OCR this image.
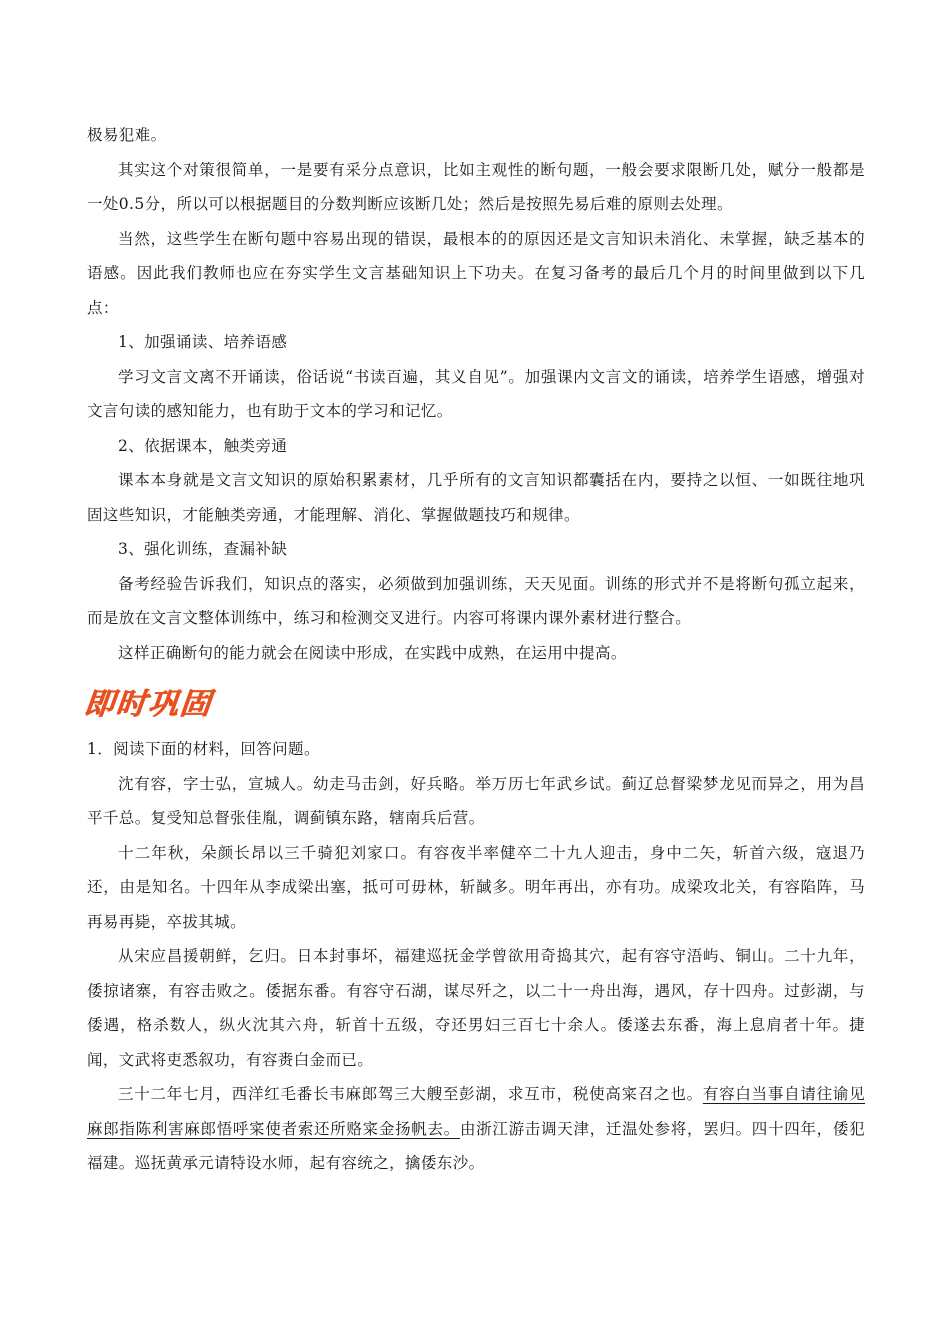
极易犯难。

其实这个对策很简单，一是要有采分点意识，比如主观性的断句题，一般会要求限断几处，赋分一般都是一处0.5分，所以可以根据题目的分数判断应该断几处；然后是按照先易后难的原则去处理。

当然，这些学生在断句题中容易出现的错误，最根本的的原因还是文言知识未消化、未掌握，缺乏基本的语感。因此我们教师也应在夯实学生文言基础知识上下功夫。在复习备考的最后几个月的时间里做到以下几点：

1、加强诵读、培养语感

学习文言文离不开诵读，俗话说“书读百遍，其义自见”。加强课内文言文的诵读，培养学生语感，增强对文言句读的感知能力，也有助于文本的学习和记忆。

2、依据课本，触类旁通

课本本身就是文言文知识的原始积累素材，几乎所有的文言知识都囊括在内，要持之以恒、一如既往地巩固这些知识，才能触类旁通，才能理解、消化、掌握做题技巧和规律。

3、强化训练，查漏补缺

备考经验告诉我们，知识点的落实，必须做到加强训练，天天见面。训练的形式并不是将断句孤立起来，而是放在文言文整体训练中，练习和检测交叉进行。内容可将课内课外素材进行整合。

这样正确断句的能力就会在阅读中形成，在实践中成熟，在运用中提高。

即时巩固

1．阅读下面的材料，回答问题。

沈有容，字士弘，宣城人。幼走马击剑，好兵略。举万历七年武乡试。蓟辽总督梁梦龙见而异之，用为昌平千总。复受知总督张佳胤，调蓟镇东路，辖南兵后营。

十二年秋，朵颜长昂以三千骑犯刘家口。有容夜半率健卒二十九人迎击，身中二矢，斩首六级，寇退乃还，由是知名。十四年从李成梁出塞，抵可可毋林，斩馘多。明年再出，亦有功。成梁攻北关，有容陷阵，马再易再毙，卒拔其城。

从宋应昌援朝鲜，乞归。日本封事坏，福建巡抚金学曾欲用奇捣其穴，起有容守浯屿、铜山。二十九年，倭掠诸寨，有容击败之。倭据东番。有容守石湖，谋尽歼之，以二十一舟出海，遇风，存十四舟。过彭湖，与倭遇，格杀数人，纵火沈其六舟，斩首十五级，夺还男妇三百七十余人。倭遂去东番，海上息肩者十年。捷闻，文武将吏悉叙功，有容赉白金而已。

三十二年七月，西洋红毛番长韦麻郎驾三大艘至彭湖，求互市，税使高寀召之也。有容白当事自请往谕见麻郎指陈利害麻郎悟呼寀使者索还所赂寀金扬帆去。由浙江游击调天津，迁温处参将，罢归。四十四年，倭犯福建。巡抚黄承元请特设水师，起有容统之，擒倭东沙。
